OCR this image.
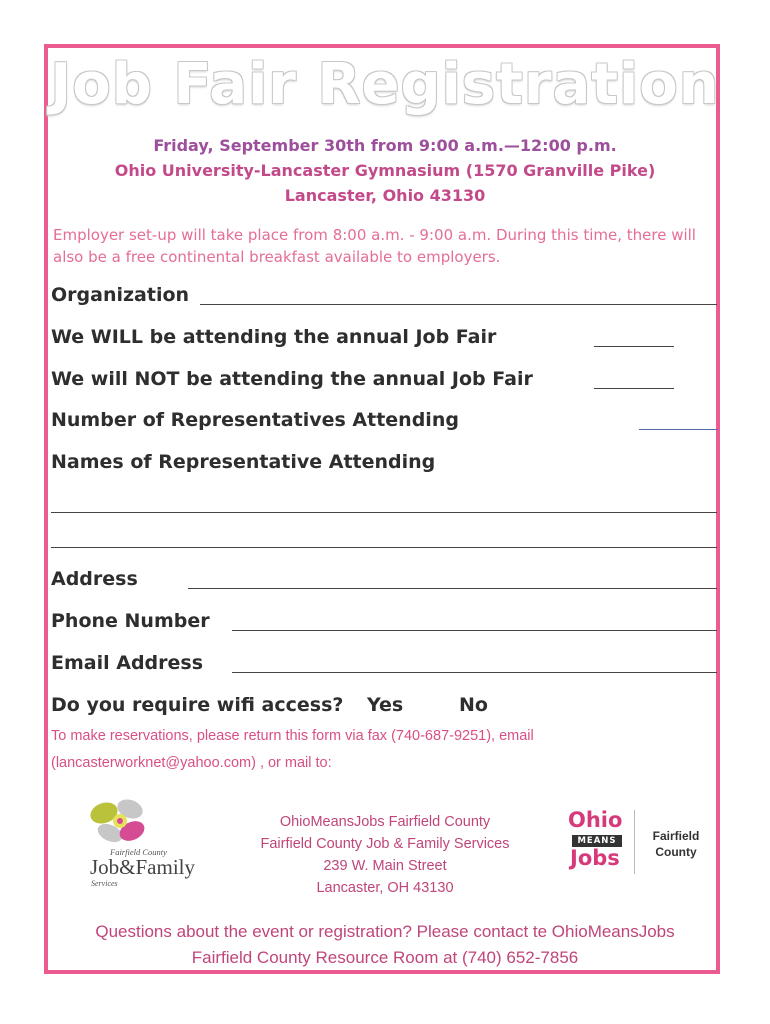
Job Fair Registration
Friday, September 30th from 9:00 a.m.—12:00 p.m.
Ohio University-Lancaster Gymnasium (1570 Granville Pike)
Lancaster, Ohio 43130
Employer set-up will take place from 8:00 a.m. - 9:00 a.m. During this time, there will also be a free continental breakfast available to employers.
Organization
We WILL be attending the annual Job Fair
We will NOT be attending the annual Job Fair
Number of Representatives Attending
Names of Representative Attending
Address
Phone Number
Email Address
Do you require wifi access? Yes	No
To make reservations, please return this form via fax (740-687-9251), email
(lancasterworknet@yahoo.com) , or mail to:
Fairfield County
Job&Family
Services
OhioMeansJobs Fairfield County
Fairfield County Job & Family Services
239 W. Main Street
Lancaster, OH 43130
Ohio
MEANS
Jobs
Fairfield County
Questions about the event or registration? Please contact te OhioMeansJobs
Fairfield County Resource Room at (740) 652-7856
